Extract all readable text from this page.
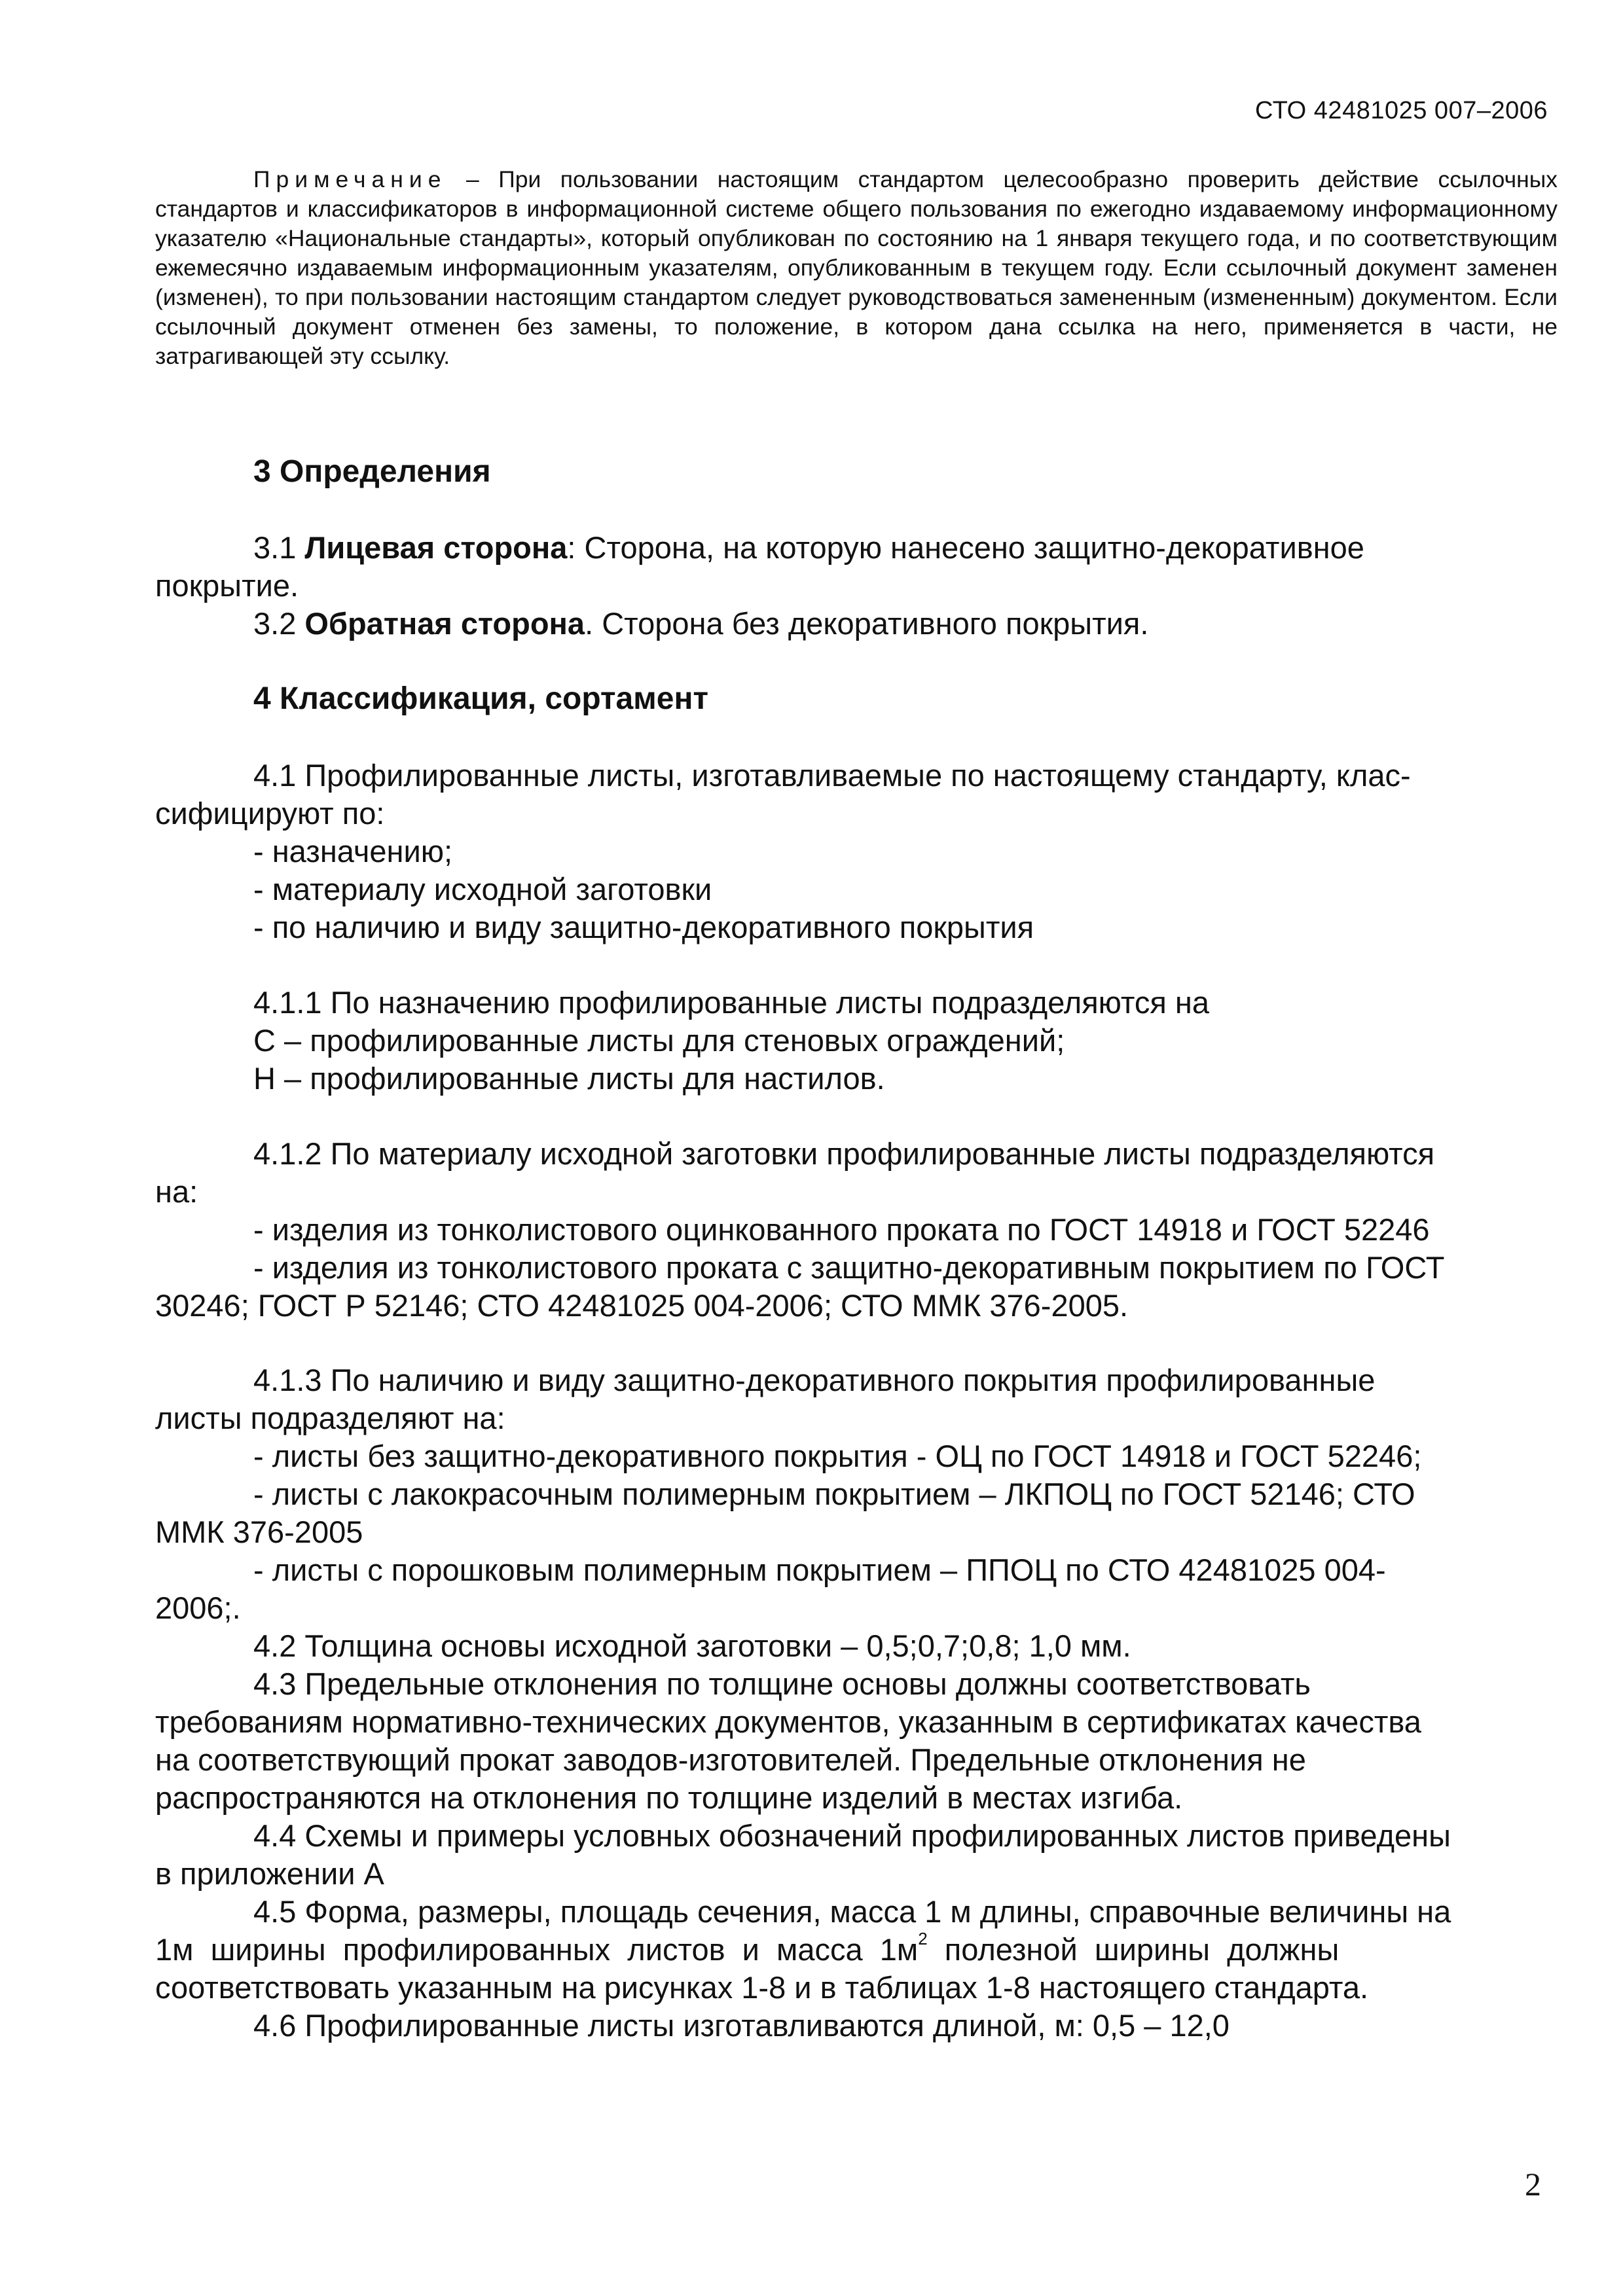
СТО 42481025 007–2006

Примечание – При пользовании настоящим стандартом целесообразно проверить действие ссылочных стандартов и классификаторов в информационной системе общего пользования по ежегодно издаваемому информационному указателю «Национальные стандарты», который опубликован по состоянию на 1 января текущего года, и по соответствующим ежемесячно издаваемым информационным указателям, опубликованным в текущем году. Если ссылочный документ заменен (изменен), то при пользовании настоящим стандартом следует руководствоваться замененным (измененным) документом. Если ссылочный документ отменен без замены, то положение, в котором дана ссылка на него, применяется в части, не затрагивающей эту ссылку.

3 Определения

3.1 Лицевая сторона: Сторона, на которую нанесено защитно-декоративное

покрытие.

3.2 Обратная сторона. Сторона без декоративного покрытия.

4 Классификация, сортамент

4.1 Профилированные листы, изготавливаемые по настоящему стандарту, клас-

сифицируют по:

- назначению;

- материалу исходной заготовки

- по наличию и виду защитно-декоративного покрытия

4.1.1 По назначению профилированные листы подразделяются на

С – профилированные листы для стеновых ограждений;

Н – профилированные листы для настилов.

4.1.2 По материалу исходной заготовки профилированные листы подразделяются

на:

- изделия из тонколистового оцинкованного проката по ГОСТ 14918 и ГОСТ 52246

- изделия из тонколистового проката с защитно-декоративным покрытием по ГОСТ

30246; ГОСТ Р 52146; СТО 42481025 004-2006; СТО ММК 376-2005.

4.1.3 По наличию и виду защитно-декоративного покрытия профилированные

листы подразделяют на:

- листы без защитно-декоративного покрытия - ОЦ по ГОСТ 14918 и ГОСТ 52246;

- листы с лакокрасочным полимерным покрытием – ЛКПОЦ по ГОСТ 52146; СТО

ММК 376-2005

- листы с порошковым полимерным покрытием – ППОЦ по СТО 42481025 004-

2006;.

4.2 Толщина основы исходной заготовки – 0,5;0,7;0,8; 1,0 мм.

4.3 Предельные отклонения по толщине основы должны соответствовать

требованиям нормативно-технических документов, указанным в сертификатах качества

на соответствующий прокат заводов-изготовителей. Предельные отклонения не

распространяются на отклонения по толщине изделий в местах изгиба.

4.4 Схемы и примеры условных обозначений профилированных листов приведены

в приложении А

4.5 Форма, размеры, площадь сечения, масса 1 м длины, справочные величины на

1м  ширины  профилированных  листов  и  масса  $1м^2$  полезной  ширины  должны

соответствовать указанным на рисунках 1-8 и в таблицах 1-8 настоящего стандарта.

4.6 Профилированные листы изготавливаются длиной, м: 0,5 – 12,0

2
